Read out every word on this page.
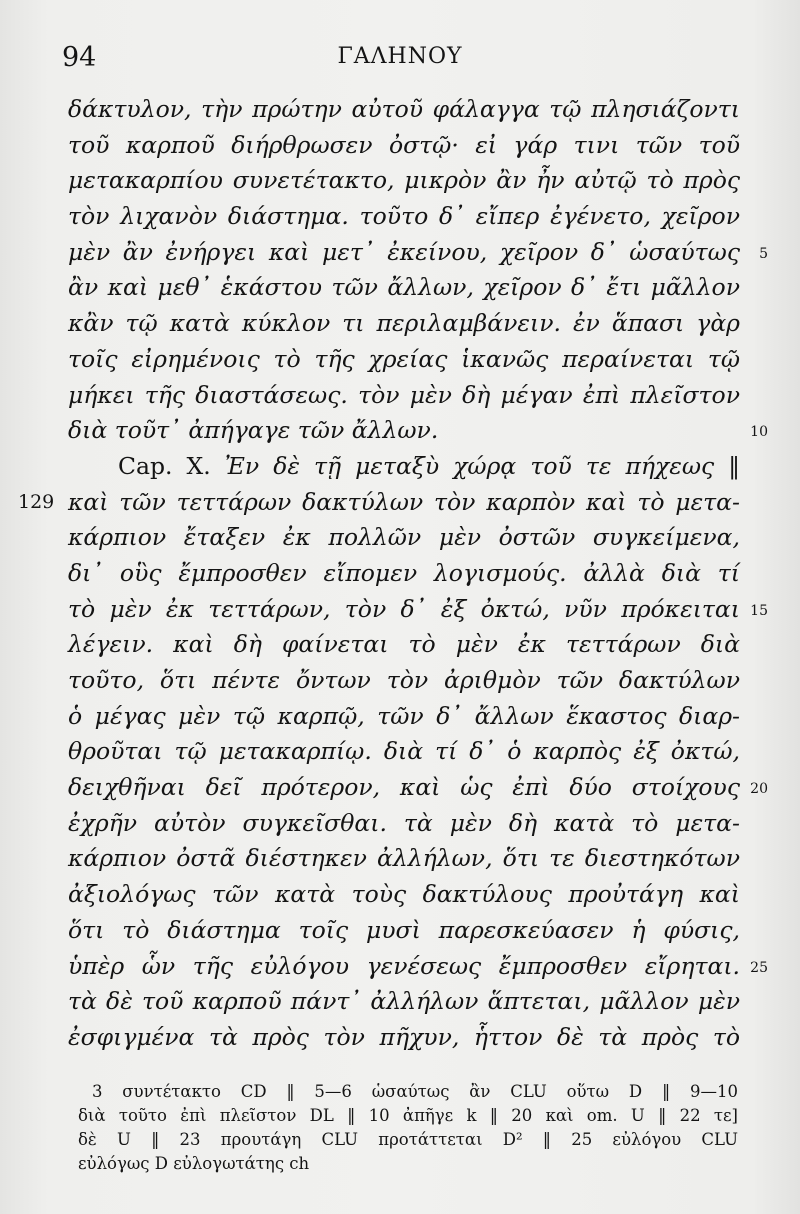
94	ΓΑΛΗΝΟΥ
δάκτυλον, τὴν πρώτην αὐτοῦ φάλαγγα τῷ πλησιάζοντι
τοῦ καρποῦ διήρθρωσεν ὀστῷ· εἰ γάρ τινι τῶν τοῦ
μετακαρπίου συνετέτακτο, μικρὸν ἂν ἦν αὐτῷ τὸ πρὸς
τὸν λιχανὸν διάστημα. τοῦτο δ᾿ εἴπερ ἐγένετο, χεῖρον
μὲν ἂν ἐνήργει καὶ μετ᾿ ἐκείνου, χεῖρον δ᾿ ὡσαύτως 5
ἂν καὶ μεθ᾿ ἑκάστου τῶν ἄλλων, χεῖρον δ᾿ ἔτι μᾶλλον
κἂν τῷ κατὰ κύκλον τι περιλαμβάνειν. ἐν ἅπασι γὰρ
τοῖς εἰρημένοις τὸ τῆς χρείας ἱκανῶς περαίνεται τῷ
μήκει τῆς διαστάσεως. τὸν μὲν δὴ μέγαν ἐπὶ πλεῖστον
διὰ τοῦτ᾿ ἀπήγαγε τῶν ἄλλων.	10
Cap. X. Ἐν δὲ τῇ μεταξὺ χώρᾳ τοῦ τε πήχεως ‖
129 καὶ τῶν τεττάρων δακτύλων τὸν καρπὸν καὶ τὸ μετα-
κάρπιον ἔταξεν ἐκ πολλῶν μὲν ὀστῶν συγκείμενα,
δι᾿ οὓς ἔμπροσθεν εἴπομεν λογισμούς. ἀλλὰ διὰ τί
τὸ μὲν ἐκ τεττάρων, τὸν δ᾿ ἐξ ὀκτώ, νῦν πρόκειται 15
λέγειν. καὶ δὴ φαίνεται τὸ μὲν ἐκ τεττάρων διὰ
τοῦτο, ὅτι πέντε ὄντων τὸν ἀριθμὸν τῶν δακτύλων
ὁ μέγας μὲν τῷ καρπῷ, τῶν δ᾿ ἄλλων ἕκαστος διαρ-
θροῦται τῷ μετακαρπίῳ. διὰ τί δ᾿ ὁ καρπὸς ἐξ ὀκτώ,
δειχθῆναι δεῖ πρότερον, καὶ ὡς ἐπὶ δύο στοίχους 20
ἐχρῆν αὐτὸν συγκεῖσθαι. τὰ μὲν δὴ κατὰ τὸ μετα-
κάρπιον ὀστᾶ διέστηκεν ἀλλήλων, ὅτι τε διεστηκότων
ἀξιολόγως τῶν κατὰ τοὺς δακτύλους προὐτάγη καὶ
ὅτι τὸ διάστημα τοῖς μυσὶ παρεσκεύασεν ἡ φύσις,
ὑπὲρ ὧν τῆς εὐλόγου γενέσεως ἔμπροσθεν εἴρηται. 25
τὰ δὲ τοῦ καρποῦ πάντ᾿ ἀλλήλων ἅπτεται, μᾶλλον μὲν
ἐσφιγμένα τὰ πρὸς τὸν πῆχυν, ἧττον δὲ τὰ πρὸς τὸ
3 συντέτακτο CD ‖ 5—6 ὡσαύτως ἂν CLU οὕτω D ‖ 9—10
διὰ τοῦτο ἐπὶ πλεῖστον DL ‖ 10 ἀπῆγε k ‖ 20 καὶ om. U ‖ 22 τε]
δὲ U ‖ 23 προυτάγη CLU προτάττεται D² ‖ 25 εὐλόγου CLU
εὐλόγως D εὐλογωτάτης ch
